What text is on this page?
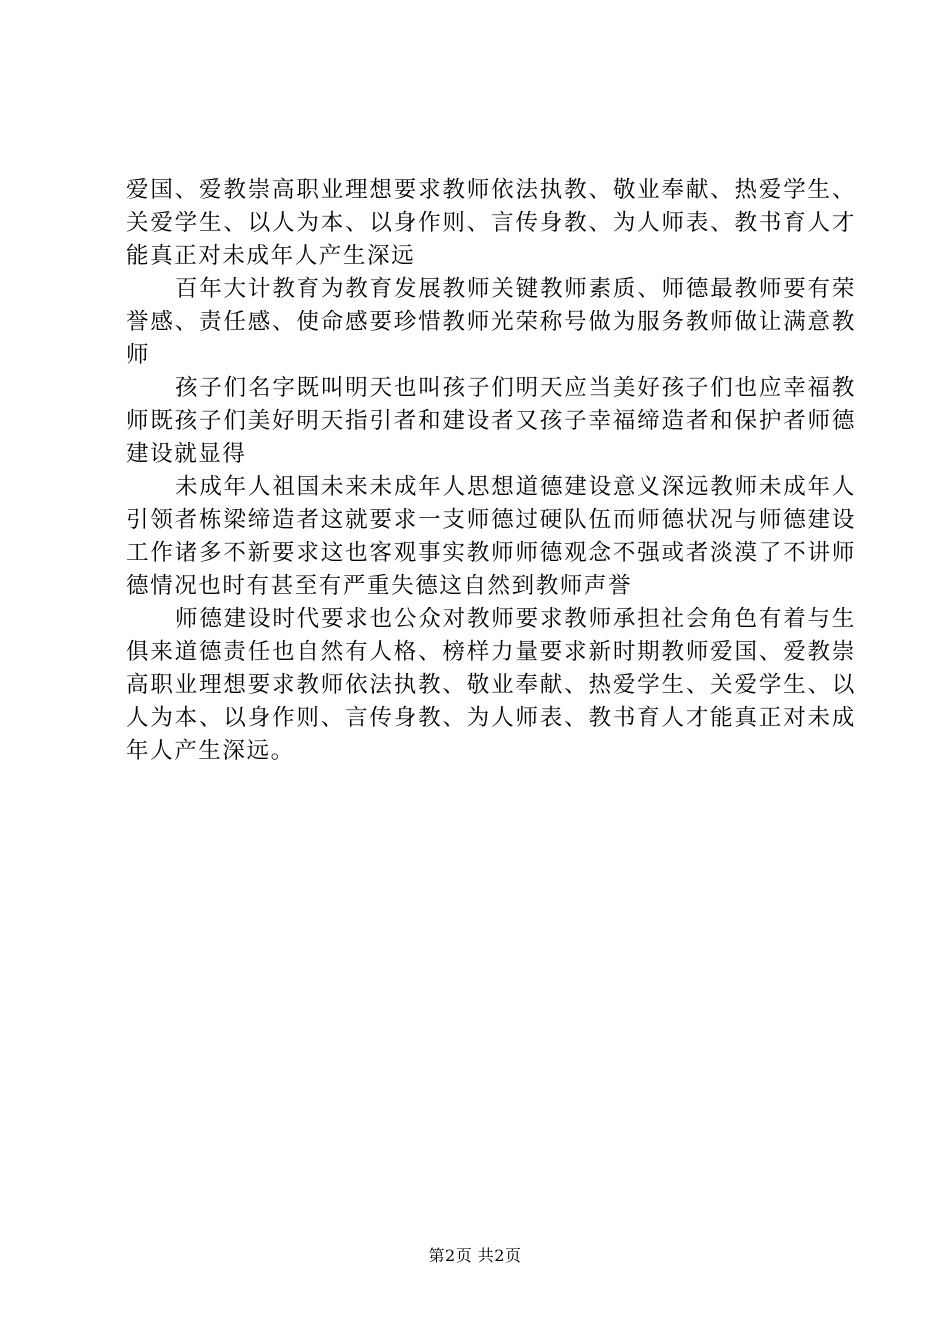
爱国、爱教崇高职业理想要求教师依法执教、敬业奉献、热爱学生、关爱学生、以人为本、以身作则、言传身教、为人师表、教书育人才能真正对未成年人产生深远

百年大计教育为教育发展教师关键教师素质、师德最教师要有荣誉感、责任感、使命感要珍惜教师光荣称号做为服务教师做让满意教师

孩子们名字既叫明天也叫孩子们明天应当美好孩子们也应幸福教师既孩子们美好明天指引者和建设者又孩子幸福缔造者和保护者师德建设就显得

未成年人祖国未来未成年人思想道德建设意义深远教师未成年人引领者栋梁缔造者这就要求一支师德过硬队伍而师德状况与师德建设工作诸多不新要求这也客观事实教师师德观念不强或者淡漠了不讲师德情况也时有甚至有严重失德这自然到教师声誉

师德建设时代要求也公众对教师要求教师承担社会角色有着与生俱来道德责任也自然有人格、榜样力量要求新时期教师爱国、爱教崇高职业理想要求教师依法执教、敬业奉献、热爱学生、关爱学生、以人为本、以身作则、言传身教、为人师表、教书育人才能真正对未成年人产生深远。

第2页 共2页
